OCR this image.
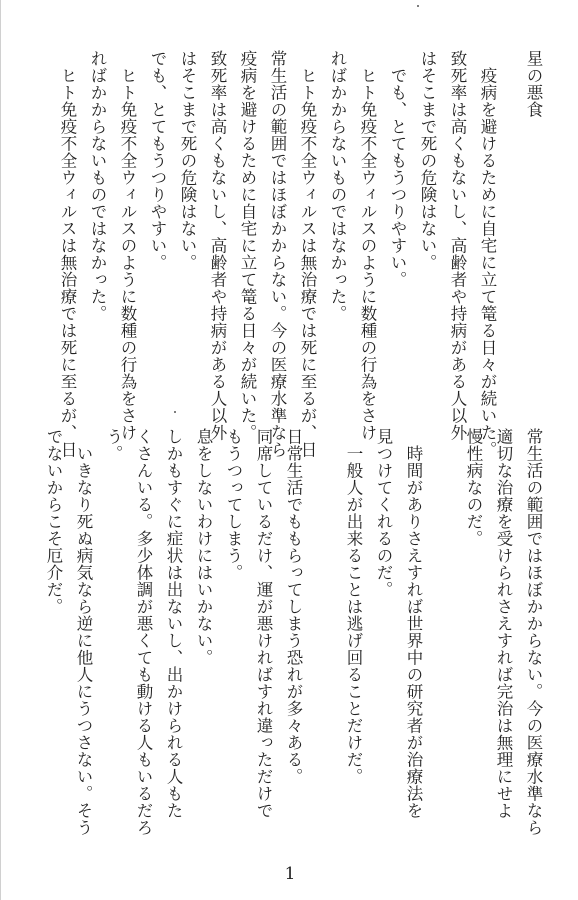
星の悪食
疫病を避けるために自宅に立て篭る日々が続いた。
致死率は高くもないし、高齢者や持病がある人以外
はそこまで死の危険はない。
でも、とてもうつりやすい。
ヒト免疫不全ウィルスのように数種の行為をさけ
ればかからないものではなかった。
ヒト免疫不全ウィルスは無治療では死に至るが、日
常生活の範囲ではほぼかからない。今の医療水準なら
疫病を避けるために自宅に立て篭る日々が続いた。
致死率は高くもないし、高齢者や持病がある人以外
はそこまで死の危険はない。
でも、とてもうつりやすい。
ヒト免疫不全ウィルスのように数種の行為をさけ
ればかからないものではなかった。
ヒト免疫不全ウィルスは無治療では死に至るが、日
常生活の範囲ではほぼかからない。今の医療水準なら
適切な治療を受けられさえすれば完治は無理にせよ
慢性病なのだ。
時間がありさえすれば世界中の研究者が治療法を
見つけてくれるのだ。
一般人が出来ることは逃げ回ることだけだ。
日常生活でももらってしまう恐れが多々ある。
同席しているだけ、運が悪ければすれ違っただけで
もうつってしまう。
息をしないわけにはいかない。
しかもすぐに症状は出ないし、出かけられる人もた
くさんいる。多少体調が悪くても動ける人もいるだろ
う。
いきなり死ぬ病気なら逆に他人にうつさない。そう
でないからこそ厄介だ。
1
